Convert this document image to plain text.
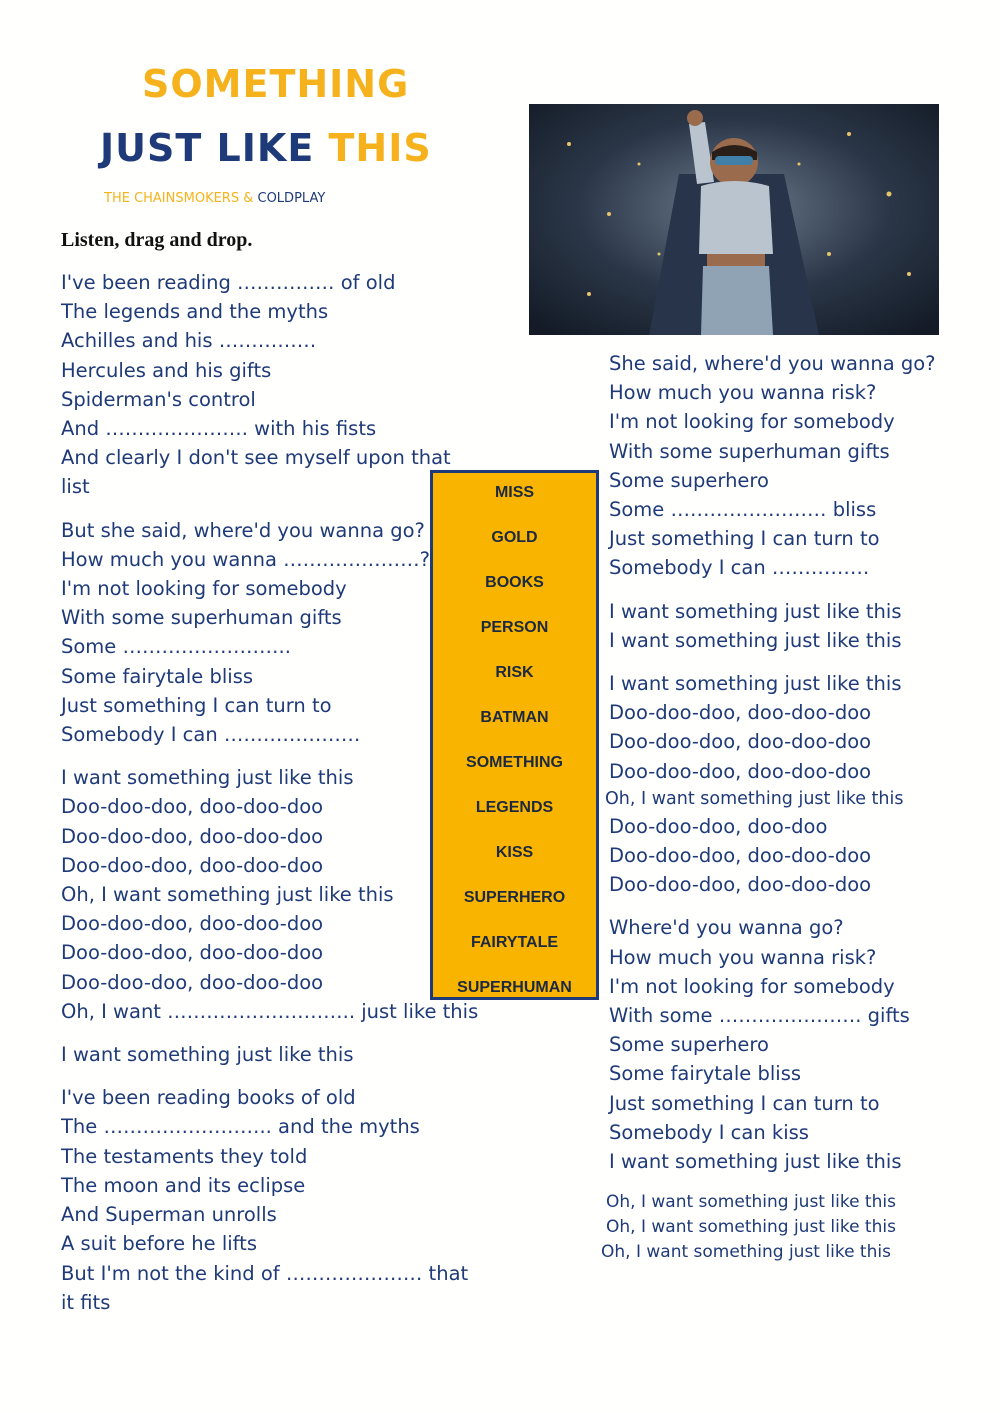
SOMETHING
JUST LIKE THIS
THE CHAINSMOKERS & COLDPLAY

Listen, drag and drop.

I've been reading …………… of old
The legends and the myths
Achilles and his ……………
Hercules and his gifts
Spiderman's control
And …………………. with his fists
And clearly I don't see myself upon that
list
But she said, where'd you wanna go?
How much you wanna …………………?
I'm not looking for somebody
With some superhuman gifts
Some ……………………..
Some fairytale bliss
Just something I can turn to
Somebody I can …………………
I want something just like this
Doo-doo-doo, doo-doo-doo
Doo-doo-doo, doo-doo-doo
Doo-doo-doo, doo-doo-doo
Oh, I want something just like this
Doo-doo-doo, doo-doo-doo
Doo-doo-doo, doo-doo-doo
Doo-doo-doo, doo-doo-doo
Oh, I want ……………………….. just like this
I want something just like this
I've been reading books of old
The …………………….. and the myths
The testaments they told
The moon and its eclipse
And Superman unrolls
A suit before he lifts
But I'm not the kind of ………………… that
it fits
MISS
GOLD
BOOKS
PERSON
RISK
BATMAN
SOMETHING
LEGENDS
KISS
SUPERHERO
FAIRYTALE
SUPERHUMAN
She said, where'd you wanna go?
How much you wanna risk?
I'm not looking for somebody
With some superhuman gifts
Some superhero
Some …………………… bliss
Just something I can turn to
Somebody I can ……………
I want something just like this
I want something just like this
I want something just like this
Doo-doo-doo, doo-doo-doo
Doo-doo-doo, doo-doo-doo
Doo-doo-doo, doo-doo-doo
Oh, I want something just like this
Doo-doo-doo, doo-doo
Doo-doo-doo, doo-doo-doo
Doo-doo-doo, doo-doo-doo
Where'd you wanna go?
How much you wanna risk?
I'm not looking for somebody
With some …………………. gifts
Some superhero
Some fairytale bliss
Just something I can turn to
Somebody I can kiss
I want something just like this
Oh, I want something just like this
Oh, I want something just like this
Oh, I want something just like this
